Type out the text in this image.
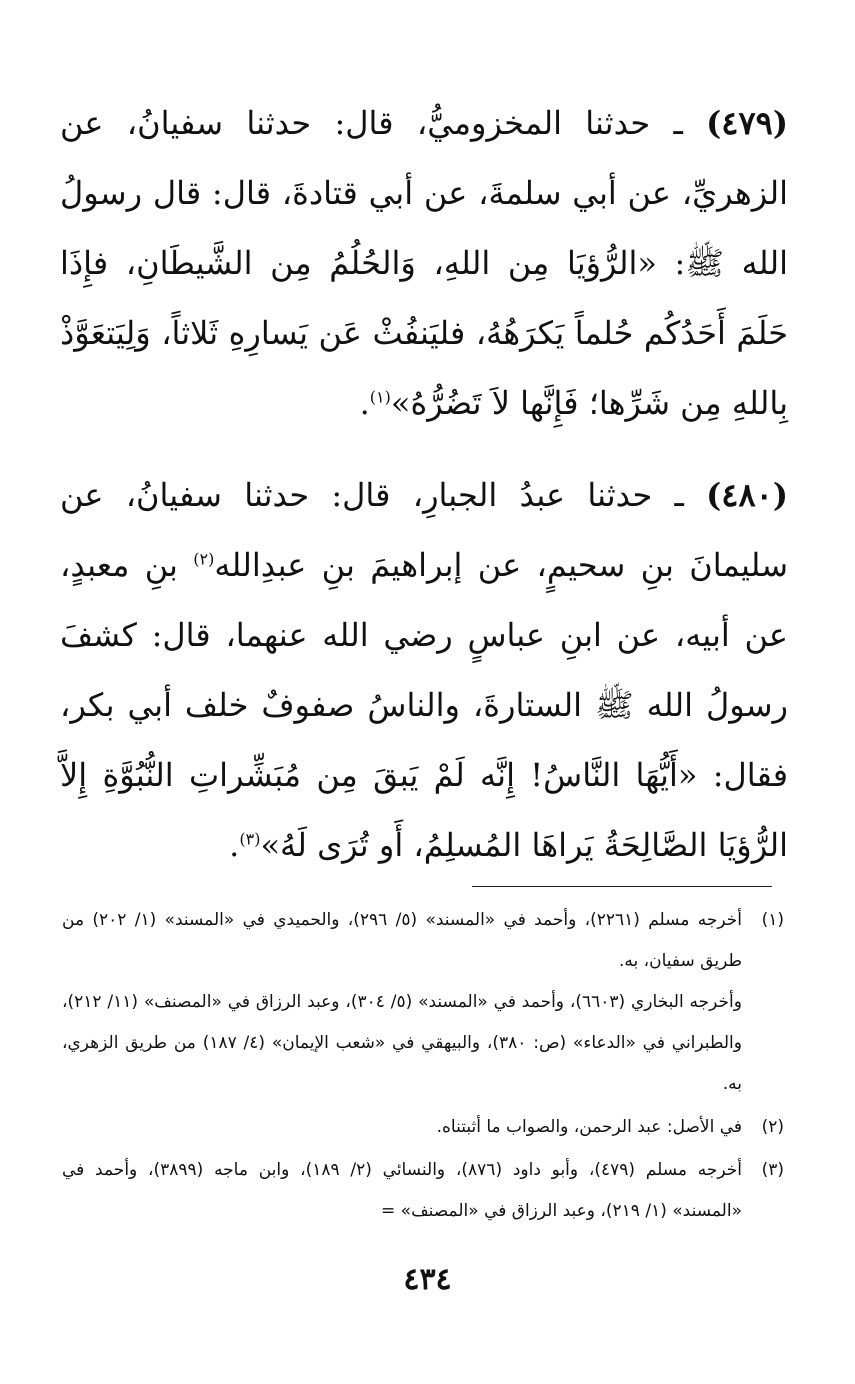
(٤٧٩) ـ حدثنا المخزوميُّ، قال: حدثنا سفيانُ، عن الزهريِّ، عن أبي سلمةَ، عن أبي قتادةَ، قال: قال رسولُ الله ﷺ: «الرُّؤيَا مِن اللهِ، وَالحُلُمُ مِن الشَّيطَانِ، فإِذَا حَلَمَ أَحَدُكُم حُلماً يَكرَهُهُ، فليَنفُثْ عَن يَسارِهِ ثَلاثاً، وَلِيَتعَوَّذْ بِاللهِ مِن شَرِّها؛ فَإِنَّها لاَ تَضُرُّهُ»$^{(١)}$.

(٤٨٠) ـ حدثنا عبدُ الجبارِ، قال: حدثنا سفيانُ، عن سليمانَ بنِ سحيمٍ، عن إبراهيمَ بنِ عبدِالله$^{(٢)}$ بنِ معبدٍ، عن أبيه، عن ابنِ عباسٍ رضي الله عنهما، قال: كشفَ رسولُ الله ﷺ الستارةَ، والناسُ صفوفٌ خلف أبي بكر، فقال: «أَيُّهَا النَّاسُ! إِنَّه لَمْ يَبقَ مِن مُبَشِّراتِ النُّبُوَّةِ إِلاَّ الرُّؤيَا الصَّالِحَةُ يَراهَا المُسلِمُ، أَو تُرَى لَهُ»$^{(٣)}$.

(١)

أخرجه مسلم (٢٢٦١)، وأحمد في «المسند» (٥/ ٢٩٦)، والحميدي في «المسند» (١/ ٢٠٢) من طريق سفيان، به.

وأخرجه البخاري (٦٦٠٣)، وأحمد في «المسند» (٥/ ٣٠٤)، وعبد الرزاق في «المصنف» (١١/ ٢١٢)، والطبراني في «الدعاء» (ص: ٣٨٠)، والبيهقي في «شعب الإيمان» (٤/ ١٨٧) من طريق الزهري، به.

(٢)

في الأصل: عبد الرحمن، والصواب ما أثبتناه.

(٣)

أخرجه مسلم (٤٧٩)، وأبو داود (٨٧٦)، والنسائي (٢/ ١٨٩)، وابن ماجه (٣٨٩٩)، وأحمد في «المسند» (١/ ٢١٩)، وعبد الرزاق في «المصنف» =

٤٣٤
